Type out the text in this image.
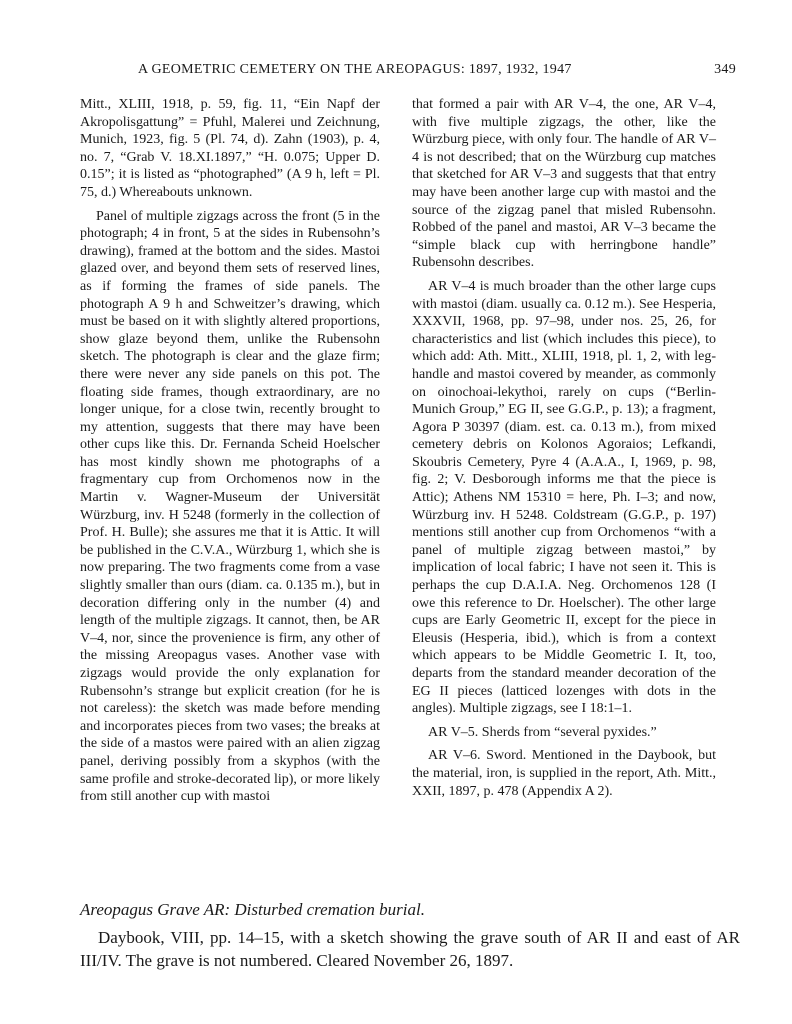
A GEOMETRIC CEMETERY ON THE AREOPAGUS: 1897, 1932, 1947	349

Mitt., XLIII, 1918, p. 59, fig. 11, “Ein Napf der Akropolisgattung” = Pfuhl, Malerei und Zeichnung, Munich, 1923, fig. 5 (Pl. 74, d). Zahn (1903), p. 4, no. 7, “Grab V. 18.XI.1897,” “H. 0.075; Upper D. 0.15”; it is listed as “photographed” (A 9 h, left = Pl. 75, d.) Whereabouts unknown.

Panel of multiple zigzags across the front (5 in the photograph; 4 in front, 5 at the sides in Rubensohn’s drawing), framed at the bottom and the sides. Mastoi glazed over, and beyond them sets of reserved lines, as if forming the frames of side panels. The photograph A 9 h and Schweitzer’s drawing, which must be based on it with slightly altered proportions, show glaze beyond them, unlike the Rubensohn sketch. The photograph is clear and the glaze firm; there were never any side panels on this pot. The floating side frames, though extraordinary, are no longer unique, for a close twin, recently brought to my attention, suggests that there may have been other cups like this. Dr. Fernanda Scheid Hoelscher has most kindly shown me photographs of a fragmentary cup from Orchomenos now in the Martin v. Wagner-Museum der Universität Würzburg, inv. H 5248 (formerly in the collection of Prof. H. Bulle); she assures me that it is Attic. It will be published in the C.V.A., Würzburg 1, which she is now preparing. The two fragments come from a vase slightly smaller than ours (diam. ca. 0.135 m.), but in decoration differing only in the number (4) and length of the multiple zigzags. It cannot, then, be AR V–4, nor, since the provenience is firm, any other of the missing Areopagus vases. Another vase with zigzags would provide the only explanation for Rubensohn’s strange but explicit creation (for he is not careless): the sketch was made before mending and incorporates pieces from two vases; the breaks at the side of a mastos were paired with an alien zigzag panel, deriving possibly from a skyphos (with the same profile and stroke-decorated lip), or more likely from still another cup with mastoi

that formed a pair with AR V–4, the one, AR V–4, with five multiple zigzags, the other, like the Würzburg piece, with only four. The handle of AR V–4 is not described; that on the Würzburg cup matches that sketched for AR V–3 and suggests that that entry may have been another large cup with mastoi and the source of the zigzag panel that misled Rubensohn. Robbed of the panel and mastoi, AR V–3 became the “simple black cup with herringbone handle” Rubensohn describes.

AR V–4 is much broader than the other large cups with mastoi (diam. usually ca. 0.12 m.). See Hesperia, XXXVII, 1968, pp. 97–98, under nos. 25, 26, for characteristics and list (which includes this piece), to which add: Ath. Mitt., XLIII, 1918, pl. 1, 2, with leg-handle and mastoi covered by meander, as commonly on oinochoai-lekythoi, rarely on cups (“Berlin-Munich Group,” EG II, see G.G.P., p. 13); a fragment, Agora P 30397 (diam. est. ca. 0.13 m.), from mixed cemetery debris on Kolonos Agoraios; Lefkandi, Skoubris Cemetery, Pyre 4 (A.A.A., I, 1969, p. 98, fig. 2; V. Desborough informs me that the piece is Attic); Athens NM 15310 = here, Ph. I–3; and now, Würzburg inv. H 5248. Coldstream (G.G.P., p. 197) mentions still another cup from Orchomenos “with a panel of multiple zigzag between mastoi,” by implication of local fabric; I have not seen it. This is perhaps the cup D.A.I.A. Neg. Orchomenos 128 (I owe this reference to Dr. Hoelscher). The other large cups are Early Geometric II, except for the piece in Eleusis (Hesperia, ibid.), which is from a context which appears to be Middle Geometric I. It, too, departs from the standard meander decoration of the EG II pieces (latticed lozenges with dots in the angles). Multiple zigzags, see I 18:1–1.

AR V–5. Sherds from “several pyxides.”

AR V–6. Sword. Mentioned in the Daybook, but the material, iron, is supplied in the report, Ath. Mitt., XXII, 1897, p. 478 (Appendix A 2).

Areopagus Grave AR: Disturbed cremation burial.

Daybook, VIII, pp. 14–15, with a sketch showing the grave south of AR II and east of AR III/IV. The grave is not numbered. Cleared November 26, 1897.
